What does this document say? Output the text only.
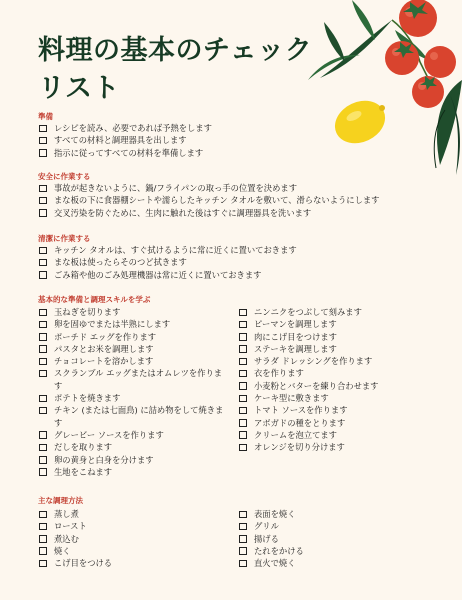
料理の基本のチェックリスト
準備
レシピを読み、必要であれば予熱をします
すべての材料と調理器具を出します
指示に従ってすべての材料を準備します
安全に作業する
事故が起きないように、鍋/フライパンの取っ手の位置を決めます
まな板の下に食器棚シートや濡らしたキッチン タオルを敷いて、滑らないようにします
交叉汚染を防ぐために、生肉に触れた後はすぐに調理器具を洗います
清潔に作業する
キッチン タオルは、すぐ拭けるように常に近くに置いておきます
まな板は使ったらそのつど拭きます
ごみ箱や他のごみ処理機器は常に近くに置いておきます
基本的な準備と調理スキルを学ぶ
玉ねぎを切ります
卵を固ゆでまたは半熟にします
ポーチド エッグを作ります
パスタとお米を調理します
チョコレートを溶かします
スクランブル エッグまたはオムレツを作ります
ポテトを焼きます
チキン (または七面鳥) に詰め物をして焼きます
グレービー ソースを作ります
だしを取ります
卵の黄身と白身を分けます
生地をこねます
ニンニクをつぶして刻みます
ピーマンを調理します
肉にこげ目をつけます
ステーキを調理します
サラダ ドレッシングを作ります
衣を作ります
小麦粉とバターを練り合わせます
ケーキ型に敷きます
トマト ソースを作ります
アボガドの種をとります
クリームを泡立てます
オレンジを切り分けます
主な調理方法
蒸し煮
ロースト
煮込む
焼く
こげ目をつける
表面を焼く
グリル
揚げる
たれをかける
直火で焼く
